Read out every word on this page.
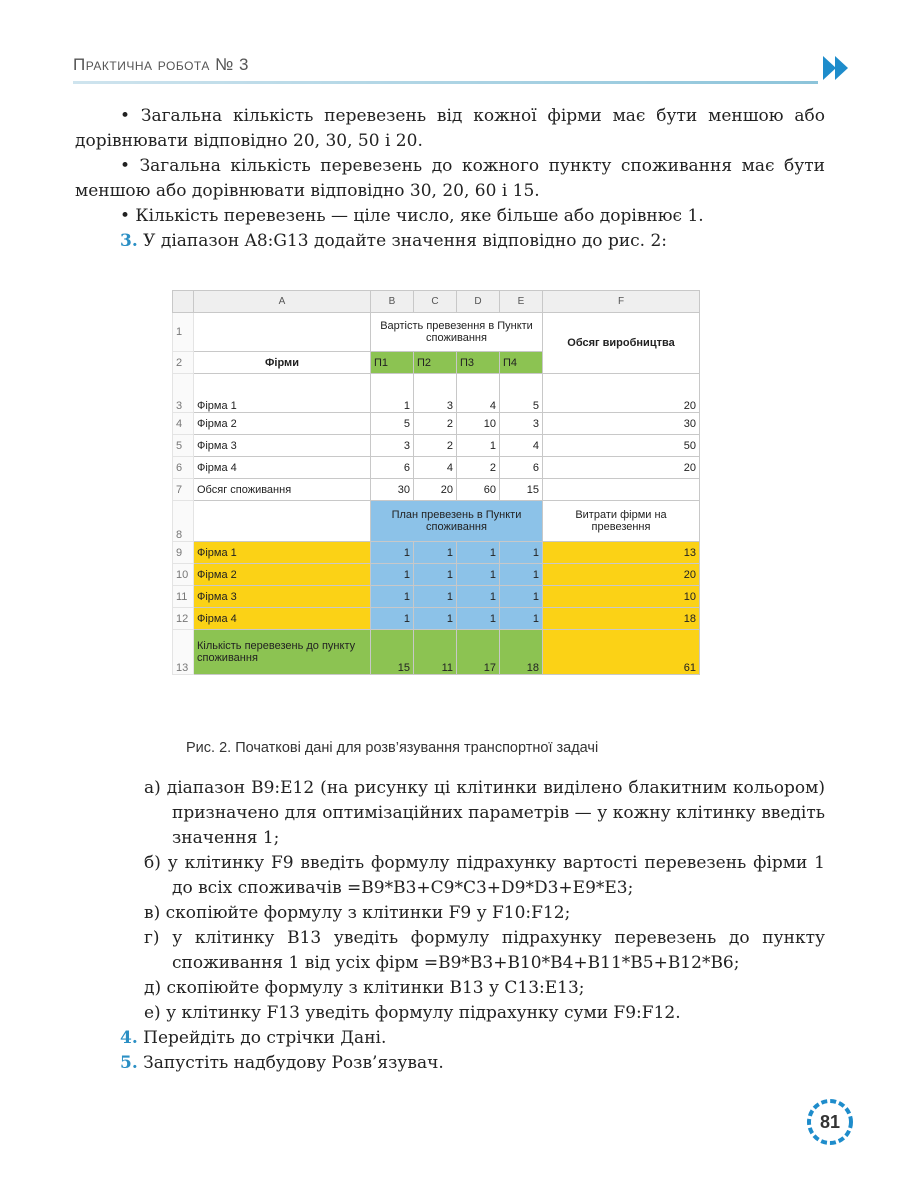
Практична робота № 3

• Загальна кількість перевезень від кожної фірми має бути меншою або дорівнювати відповідно 20, 30, 50 і 20.

• Загальна кількість перевезень до кожного пункту споживання має бути меншою або дорівнювати відповідно 30, 20, 60 і 15.

• Кількість перевезень — ціле число, яке більше або дорівнює 1.

3. У діапазон A8:G13 додайте значення відповідно до рис. 2:

	A	B	C	D	E	F
1		Вартість превезення в Пункти споживання				Обсяг виробництва
2	Фірми	П1	П2	П3	П4	
3	Фірма 1	1	3	4	5	20
4	Фірма 2	5	2	10	3	30
5	Фірма 3	3	2	1	4	50
6	Фірма 4	6	4	2	6	20
7	Обсяг споживання	30	20	60	15	
8		План превезень в Пункти споживання				Витрати фірми на превезення
9	Фірма 1	1	1	1	1	13
10	Фірма 2	1	1	1	1	20
11	Фірма 3	1	1	1	1	10
12	Фірма 4	1	1	1	1	18
13	Кількість перевезень до пункту споживання	15	11	17	18	61
Рис. 2. Початкові дані для розв’язування транспортної задачі

а) діапазон B9:E12 (на рисунку ці клітинки виділено блакитним кольором) призначено для оптимізаційних параметрів — у кожну клітинку введіть значення 1;

б) у клітинку F9 введіть формулу підрахунку вартості перевезень фірми 1 до всіх споживачів =B9*B3+C9*C3+D9*D3+E9*E3;

в) скопіюйте формулу з клітинки F9 у F10:F12;

г) у клітинку B13 уведіть формулу підрахунку перевезень до пункту споживання 1 від усіх фірм =B9*B3+B10*B4+B11*B5+B12*B6;

д) скопіюйте формулу з клітинки B13 у C13:E13;

е) у клітинку F13 уведіть формулу підрахунку суми F9:F12.

4. Перейдіть до стрічки Дані.

5. Запустіть надбудову Розв’язувач.

81
